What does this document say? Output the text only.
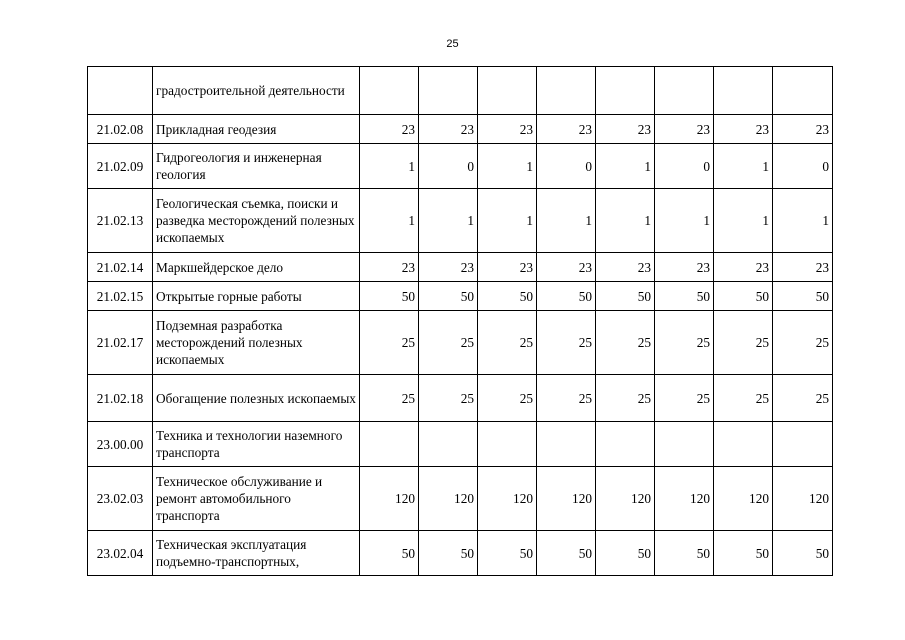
25
	градостроительной деятельности								
21.02.08	Прикладная геодезия	23	23	23	23	23	23	23	23
21.02.09	Гидрогеология и инженерная геология	1	0	1	0	1	0	1	0
21.02.13	Геологическая съемка, поиски и разведка месторождений полезных ископаемых	1	1	1	1	1	1	1	1
21.02.14	Маркшейдерское дело	23	23	23	23	23	23	23	23
21.02.15	Открытые горные работы	50	50	50	50	50	50	50	50
21.02.17	Подземная разработка месторождений полезных ископаемых	25	25	25	25	25	25	25	25
21.02.18	Обогащение полезных ископаемых	25	25	25	25	25	25	25	25
23.00.00	Техника и технологии наземного транспорта								
23.02.03	Техническое обслуживание и ремонт автомобильного транспорта	120	120	120	120	120	120	120	120
23.02.04	Техническая эксплуатация подъемно-транспортных,	50	50	50	50	50	50	50	50
